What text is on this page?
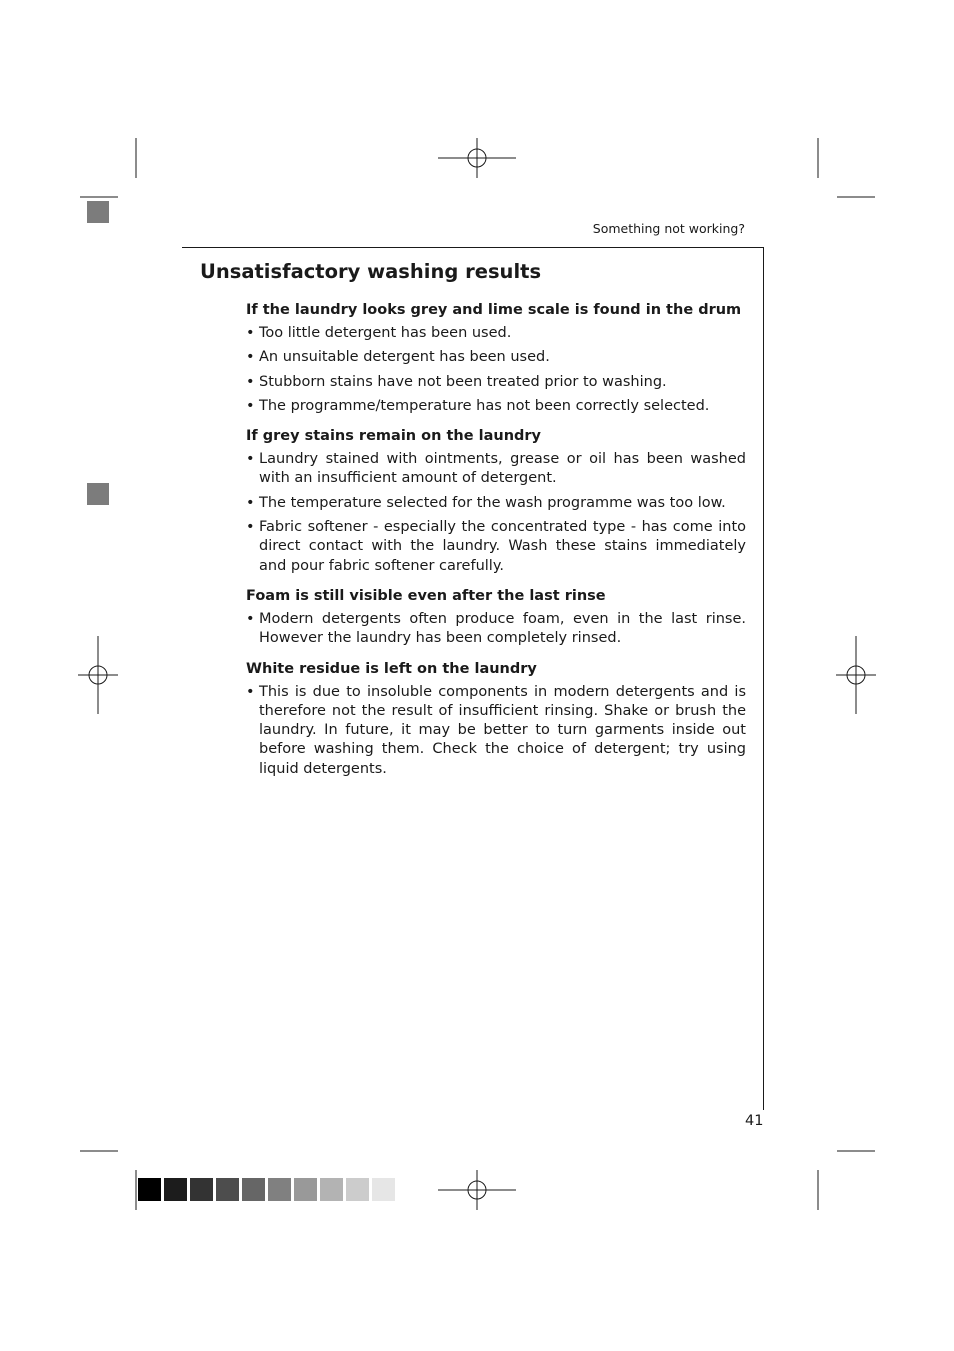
Something not working?
Unsatisfactory washing results
If the laundry looks grey and lime scale is found in the drum
• Too little detergent has been used.
• An unsuitable detergent has been used.
• Stubborn stains have not been treated prior to washing.
• The programme/temperature has not been correctly selected.
If grey stains remain on the laundry
• Laundry stained with ointments, grease or oil has been washed with an insufficient amount of detergent.
• The temperature selected for the wash programme was too low.
• Fabric softener - especially the concentrated type - has come into direct contact with the laundry. Wash these stains immediately and pour fabric softener carefully.
Foam is still visible even after the last rinse
• Modern detergents often produce foam, even in the last rinse. However the laundry has been completely rinsed.
White residue is left on the laundry
• This is due to insoluble components in modern detergents and is therefore not the result of insufficient rinsing. Shake or brush the laundry. In future, it may be better to turn garments inside out before washing them. Check the choice of detergent; try using liquid detergents.
41
